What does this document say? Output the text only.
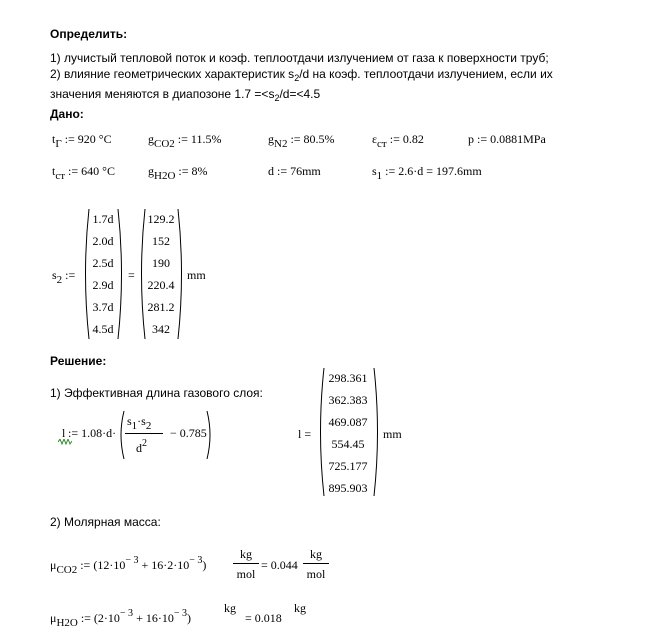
Определить:
1) лучистый тепловой поток и коэф. теплоотдачи излучением от газа к поверхности труб;
2) влияние геометрических характеристик $s_2/d$ на коэф. теплоотдачи излучением, если их
значения меняются в диапозоне $1.7 =<s_2/d=<4.5$
Дано:
tГ := 920 °C	gCO2 := 11.5%	gN2 := 80.5%	εст := 0.82	p := 0.0881MPa
tст := 640 °C	gH2O := 8%	d := 76mm	s1 := 2.6·d = 197.6mm
s2 :=
1.7d
2.0d
2.5d
2.9d
3.7d
4.5d
=
129.2
152
190
220.4
281.2
342
mm
Решение:
1) Эффективная длина газового слоя:
l := 1.08·d·
s1·s2
$d^2$
− 0.785	l =
298.361
362.383
469.087
554.45
725.177
895.903
mm
2) Молярная масса:
μCO2 := $(12\cdot 10^{- 3} + 16\cdot 2\cdot 10^{- 3})$
kg
mol
= 0.044
kg
mol
μH2O := $(2\cdot 10^{- 3} + 16\cdot 10^{- 3})$
kg
= 0.018
kg
